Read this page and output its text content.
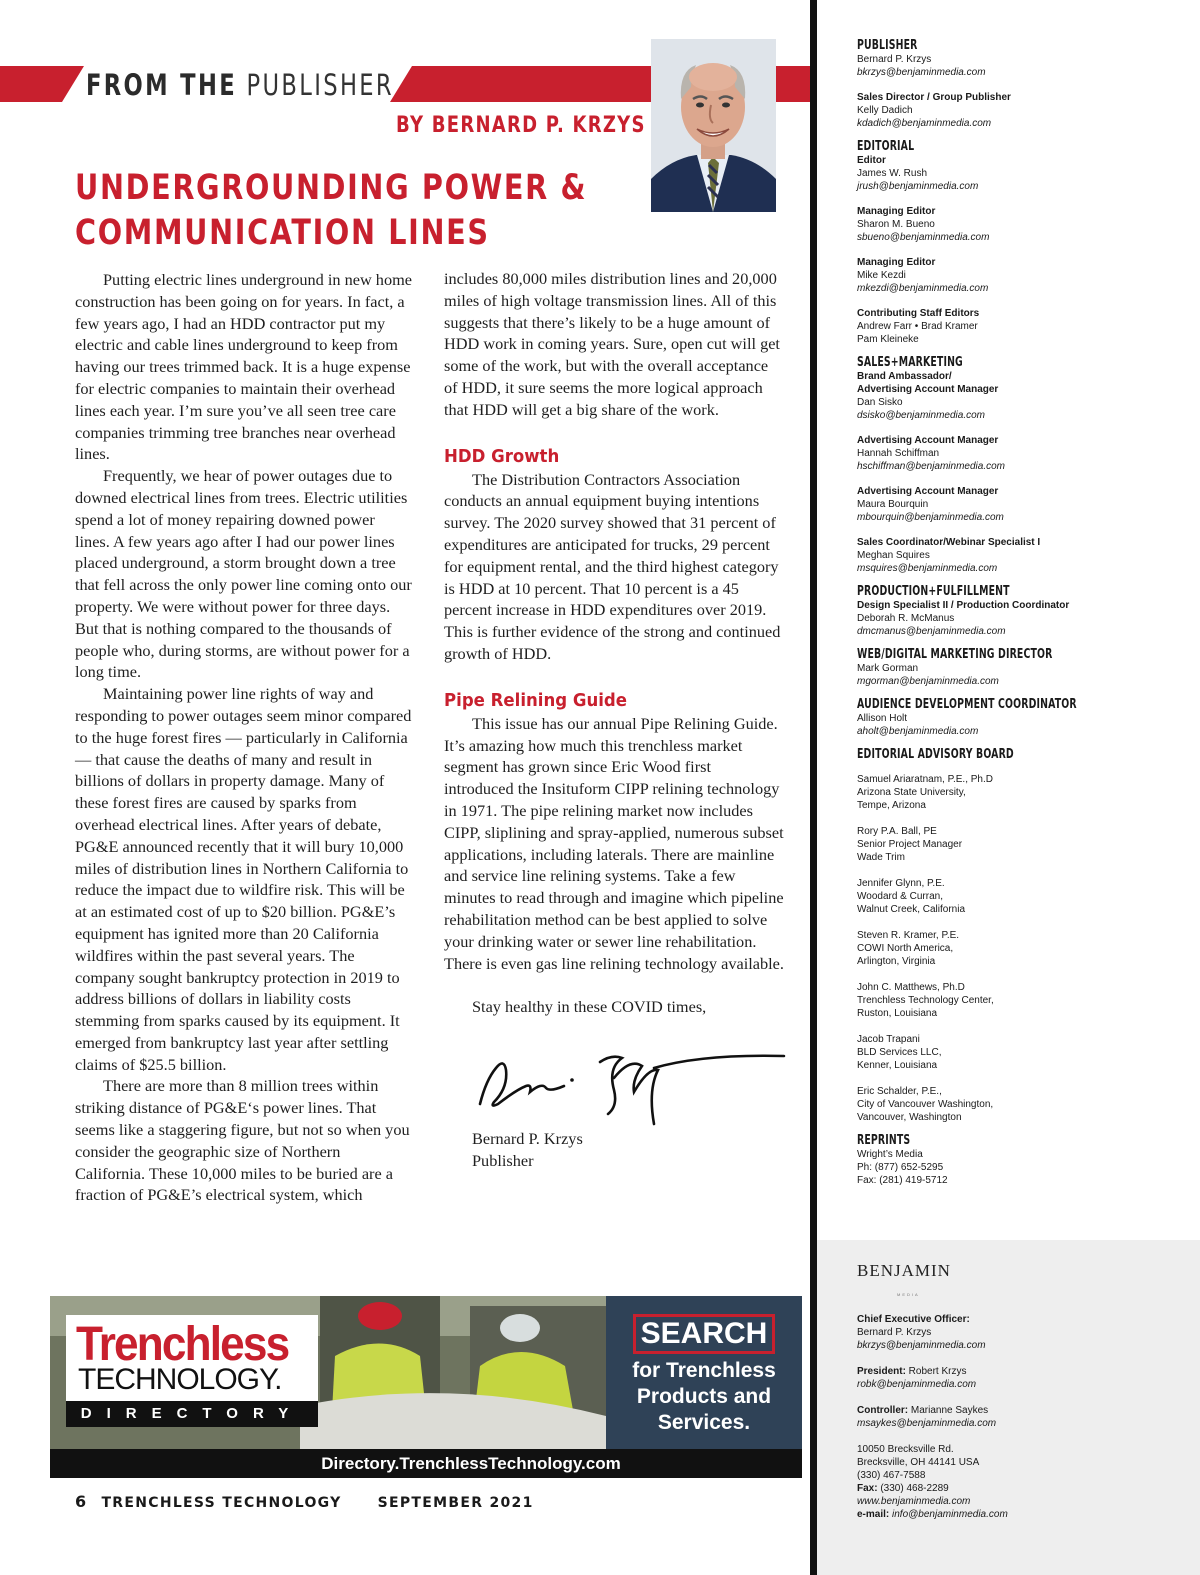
FROM THE PUBLISHER
BY BERNARD P. KRZYS
UNDERGROUNDING POWER &
COMMUNICATION LINES

Putting electric lines underground in new home construction has been going on for years. In fact, a few years ago, I had an HDD contractor put my electric and cable lines underground to keep from having our trees trimmed back. It is a huge expense for electric companies to maintain their overhead lines each year. I’m sure you’ve all seen tree care companies trimming tree branches near overhead lines.

Frequently, we hear of power outages due to downed electrical lines from trees. Electric utilities spend a lot of money repairing downed power lines. A few years ago after I had our power lines placed underground, a storm brought down a tree that fell across the only power line coming onto our property. We were without power for three days. But that is nothing compared to the thousands of people who, during storms, are without power for a long time.

Maintaining power line rights of way and responding to power outages seem minor compared to the huge forest fires — particularly in California — that cause the deaths of many and result in billions of dollars in property damage. Many of these forest fires are caused by sparks from overhead electrical lines. After years of debate, PG&E announced recently that it will bury 10,000 miles of distribution lines in Northern California to reduce the impact due to wildfire risk. This will be at an estimated cost of up to $20 billion. PG&E’s equipment has ignited more than 20 California wildfires within the past several years. The company sought bankruptcy protection in 2019 to address billions of dollars in liability costs stemming from sparks caused by its equipment. It emerged from bankruptcy last year after settling claims of $25.5 billion.

There are more than 8 million trees within striking distance of PG&E‘s power lines. That seems like a staggering figure, but not so when you consider the geographic size of Northern California. These 10,000 miles to be buried are a fraction of PG&E’s electrical system, which

includes 80,000 miles distribution lines and 20,000 miles of high voltage transmission lines. All of this suggests that there’s likely to be a huge amount of HDD work in coming years. Sure, open cut will get some of the work, but with the overall acceptance of HDD, it sure seems the more logical approach that HDD will get a big share of the work.

HDD Growth

The Distribution Contractors Association conducts an annual equipment buying intentions survey. The 2020 survey showed that 31 percent of expenditures are anticipated for trucks, 29 percent for equipment rental, and the third highest category is HDD at 10 percent. That 10 percent is a 45 percent increase in HDD expenditures over 2019. This is further evidence of the strong and continued growth of HDD.

Pipe Relining Guide

This issue has our annual Pipe Relining Guide. It’s amazing how much this trenchless market segment has grown since Eric Wood first introduced the Insituform CIPP relining technology in 1971. The pipe relining market now includes CIPP, sliplining and spray-applied, numerous subset applications, including laterals. There are mainline and service line relining systems. Take a few minutes to read through and imagine which pipeline rehabilitation method can be best applied to solve your drinking water or sewer line rehabilitation. There is even gas line relining technology available.

Stay healthy in these COVID times,

Bernard P. Krzys
Publisher
Trenchless
TECHNOLOGY.
DIRECTORY
SEARCH
for Trenchless
Products and
Services.
Directory.TrenchlessTechnology.com
6 TRENCHLESS TECHNOLOGY	SEPTEMBER 2021
PUBLISHER
Bernard P. Krzys
bkrzys@benjaminmedia.com
Sales Director / Group Publisher
Kelly Dadich
kdadich@benjaminmedia.com
EDITORIAL
Editor
James W. Rush
jrush@benjaminmedia.com
Managing Editor
Sharon M. Bueno
sbueno@benjaminmedia.com
Managing Editor
Mike Kezdi
mkezdi@benjaminmedia.com
Contributing Staff Editors
Andrew Farr • Brad Kramer
Pam Kleineke
SALES+MARKETING
Brand Ambassador/
Advertising Account Manager
Dan Sisko
dsisko@benjaminmedia.com
Advertising Account Manager
Hannah Schiffman
hschiffman@benjaminmedia.com
Advertising Account Manager
Maura Bourquin
mbourquin@benjaminmedia.com
Sales Coordinator/Webinar Specialist I
Meghan Squires
msquires@benjaminmedia.com
PRODUCTION+FULFILLMENT
Design Specialist II / Production Coordinator
Deborah R. McManus
dmcmanus@benjaminmedia.com
WEB/DIGITAL MARKETING DIRECTOR
Mark Gorman
mgorman@benjaminmedia.com
AUDIENCE DEVELOPMENT COORDINATOR
Allison Holt
aholt@benjaminmedia.com
EDITORIAL ADVISORY BOARD
Samuel Ariaratnam, P.E., Ph.D
Arizona State University,
Tempe, Arizona
Rory P.A. Ball, PE
Senior Project Manager
Wade Trim
Jennifer Glynn, P.E.
Woodard & Curran,
Walnut Creek, California
Steven R. Kramer, P.E.
COWI North America,
Arlington, Virginia
John C. Matthews, Ph.D
Trenchless Technology Center,
Ruston, Louisiana
Jacob Trapani
BLD Services LLC,
Kenner, Louisiana
Eric Schalder, P.E.,
City of Vancouver Washington,
Vancouver, Washington
REPRINTS
Wright’s Media
Ph: (877) 652-5295
Fax: (281) 419-5712
BENJAMIN
MEDIA
Chief Executive Officer:
Bernard P. Krzys
bkrzys@benjaminmedia.com
President: Robert Krzys
robk@benjaminmedia.com
Controller: Marianne Saykes
msaykes@benjaminmedia.com
10050 Brecksville Rd.
Brecksville, OH 44141 USA
(330) 467-7588
Fax: (330) 468-2289
www.benjaminmedia.com
e-mail: info@benjaminmedia.com
